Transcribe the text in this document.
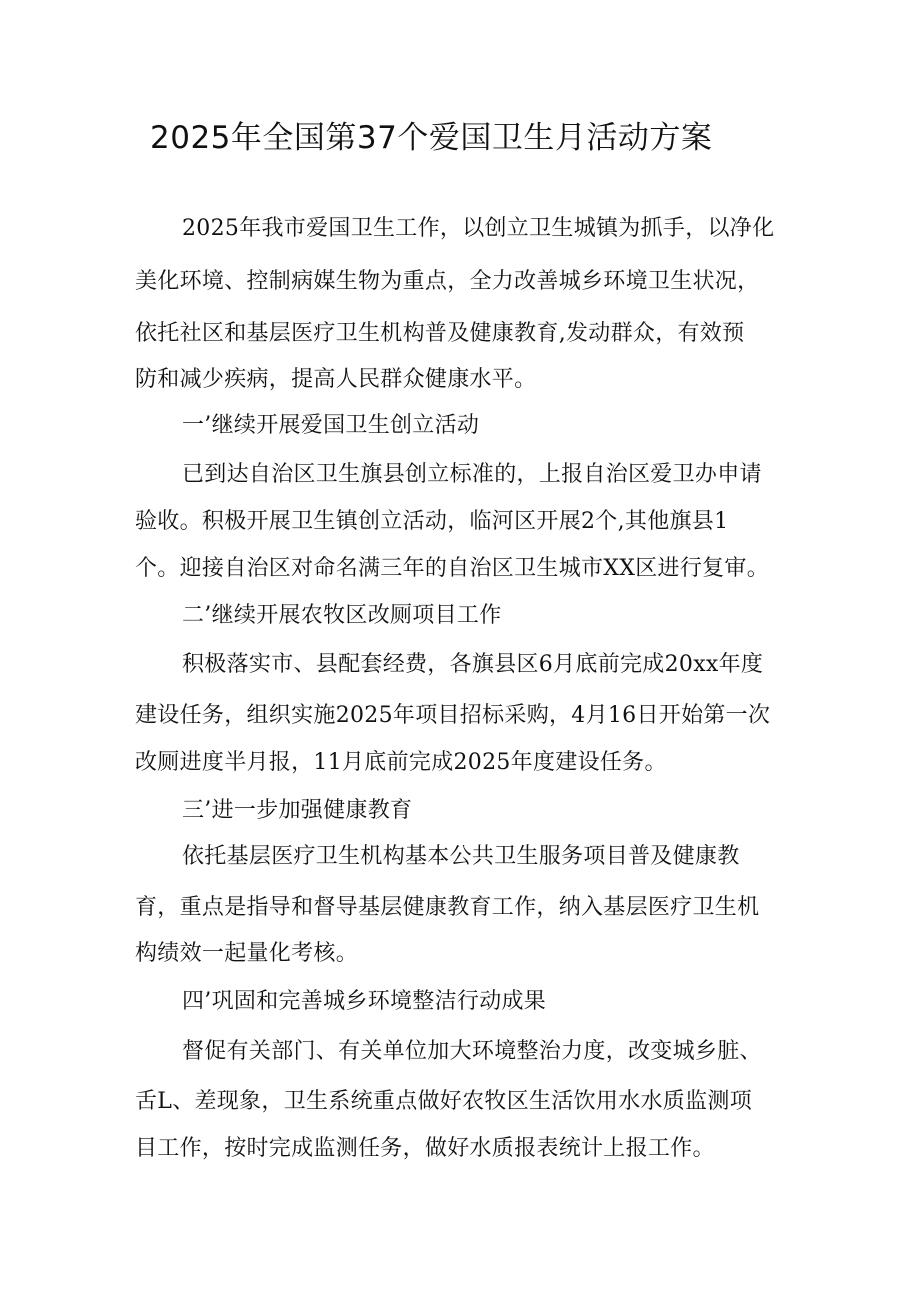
2025年全国第37个爱国卫生月活动方案

2025年我市爱国卫生工作，以创立卫生城镇为抓手，以净化

美化环境、控制病媒生物为重点，全力改善城乡环境卫生状况，

依托社区和基层医疗卫生机构普及健康教育,发动群众，有效预

防和减少疾病，提高人民群众健康水平。

一’继续开展爱国卫生创立活动

已到达自治区卫生旗县创立标准的，上报自治区爱卫办申请

验收。积极开展卫生镇创立活动，临河区开展2个,其他旗县1

个。迎接自治区对命名满三年的自治区卫生城市XX区进行复审。

二’继续开展农牧区改厕项目工作

积极落实市、县配套经费，各旗县区6月底前完成20xx年度

建设任务，组织实施2025年项目招标采购，4月16日开始第一次

改厕进度半月报，11月底前完成2025年度建设任务。

三’进一步加强健康教育

依托基层医疗卫生机构基本公共卫生服务项目普及健康教

育，重点是指导和督导基层健康教育工作，纳入基层医疗卫生机

构绩效一起量化考核。

四’巩固和完善城乡环境整洁行动成果

督促有关部门、有关单位加大环境整治力度，改变城乡脏、

舌L、差现象，卫生系统重点做好农牧区生活饮用水水质监测项

目工作，按时完成监测任务，做好水质报表统计上报工作。
